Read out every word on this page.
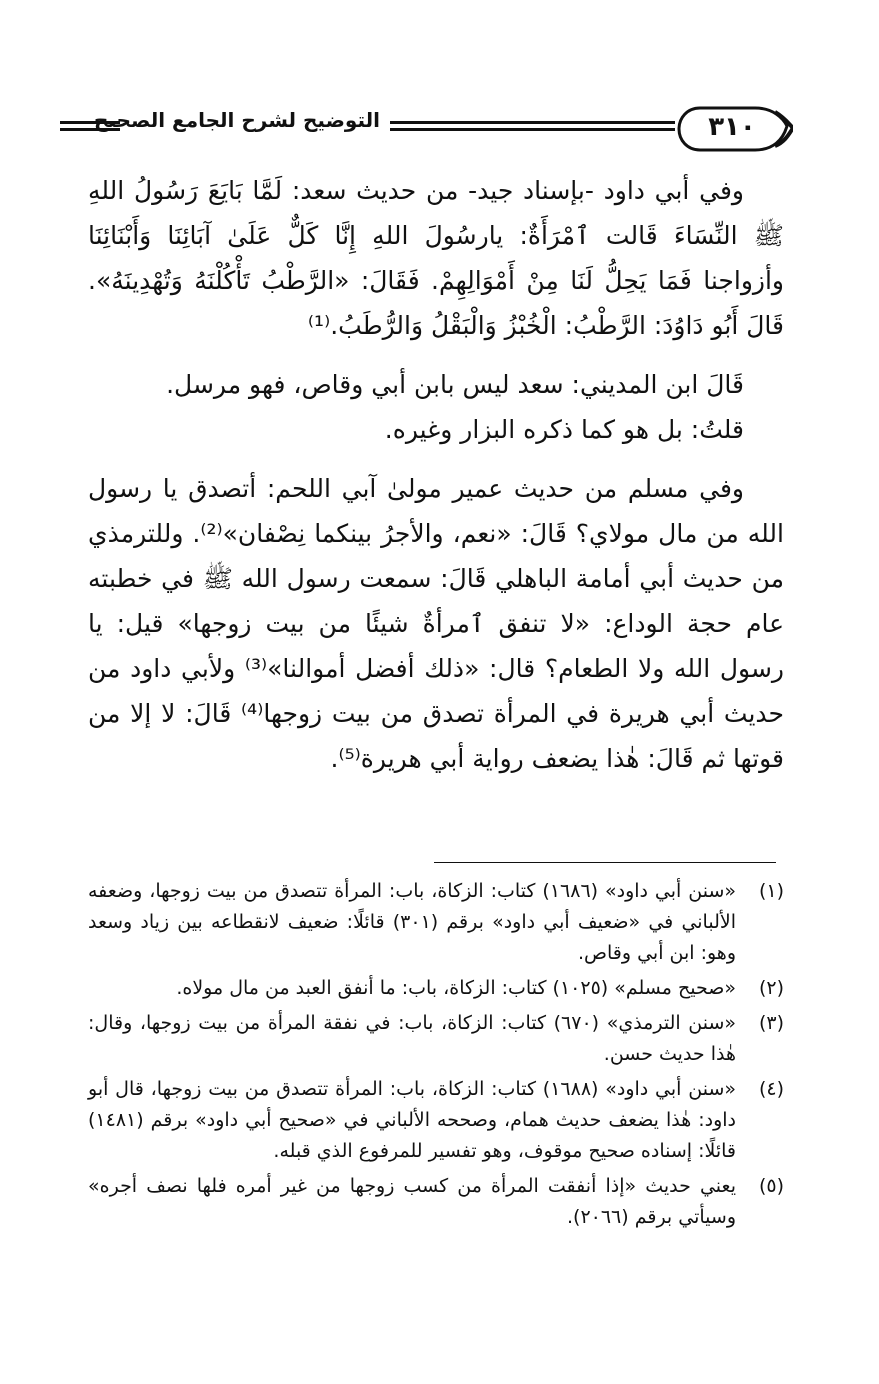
التوضيح لشرح الجامع الصحيح	٣١٠

وفي أبي داود -بإسناد جيد- من حديث سعد: لَمَّا بَايَعَ رَسُولُ اللهِ ﷺ النِّسَاءَ قَالت ٱمْرَأَةٌ: يارسُولَ اللهِ إِنَّا كَلٌّ عَلَىٰ آبَائِنَا وَأَبْنَائِنَا وأزواجنا فَمَا يَحِلُّ لَنَا مِنْ أَمْوَالِهِمْ. فَقَالَ: «الرَّطْبُ تَأْكُلْنَهُ وَتُهْدِينَهُ». قَالَ أَبُو دَاوُدَ: الرَّطْبُ: الْخُبْزُ وَالْبَقْلُ وَالرُّطَبُ.⁽¹⁾

قَالَ ابن المديني: سعد ليس بابن أبي وقاص، فهو مرسل.

قلتُ: بل هو كما ذكره البزار وغيره.

وفي مسلم من حديث عمير مولىٰ آبي اللحم: أتصدق يا رسول الله من مال مولاي؟ قَالَ: «نعم، والأجرُ بينكما نِصْفان»⁽²⁾. وللترمذي من حديث أبي أمامة الباهلي قَالَ: سمعت رسول الله ﷺ في خطبته عام حجة الوداع: «لا تنفق ٱمرأةٌ شيئًا من بيت زوجها» قيل: يا رسول الله ولا الطعام؟ قال: «ذلك أفضل أموالنا»⁽³⁾ ولأبي داود من حديث أبي هريرة في المرأة تصدق من بيت زوجها⁽⁴⁾ قَالَ: لا إلا من قوتها ثم قَالَ: هٰذا يضعف رواية أبي هريرة⁽⁵⁾.

(١)
«سنن أبي داود» (١٦٨٦) كتاب: الزكاة، باب: المرأة تتصدق من بيت زوجها، وضعفه الألباني في «ضعيف أبي داود» برقم (٣٠١) قائلًا: ضعيف لانقطاعه بين زياد وسعد وهو: ابن أبي وقاص.
(٢)
«صحيح مسلم» (١٠٢٥) كتاب: الزكاة، باب: ما أنفق العبد من مال مولاه.
(٣)
«سنن الترمذي» (٦٧٠) كتاب: الزكاة، باب: في نفقة المرأة من بيت زوجها، وقال: هٰذا حديث حسن.
(٤)
«سنن أبي داود» (١٦٨٨) كتاب: الزكاة، باب: المرأة تتصدق من بيت زوجها، قال أبو داود: هٰذا يضعف حديث همام، وصححه الألباني في «صحيح أبي داود» برقم (١٤٨١) قائلًا: إسناده صحيح موقوف، وهو تفسير للمرفوع الذي قبله.
(٥)
يعني حديث «إذا أنفقت المرأة من كسب زوجها من غير أمره فلها نصف أجره» وسيأتي برقم (٢٠٦٦).
